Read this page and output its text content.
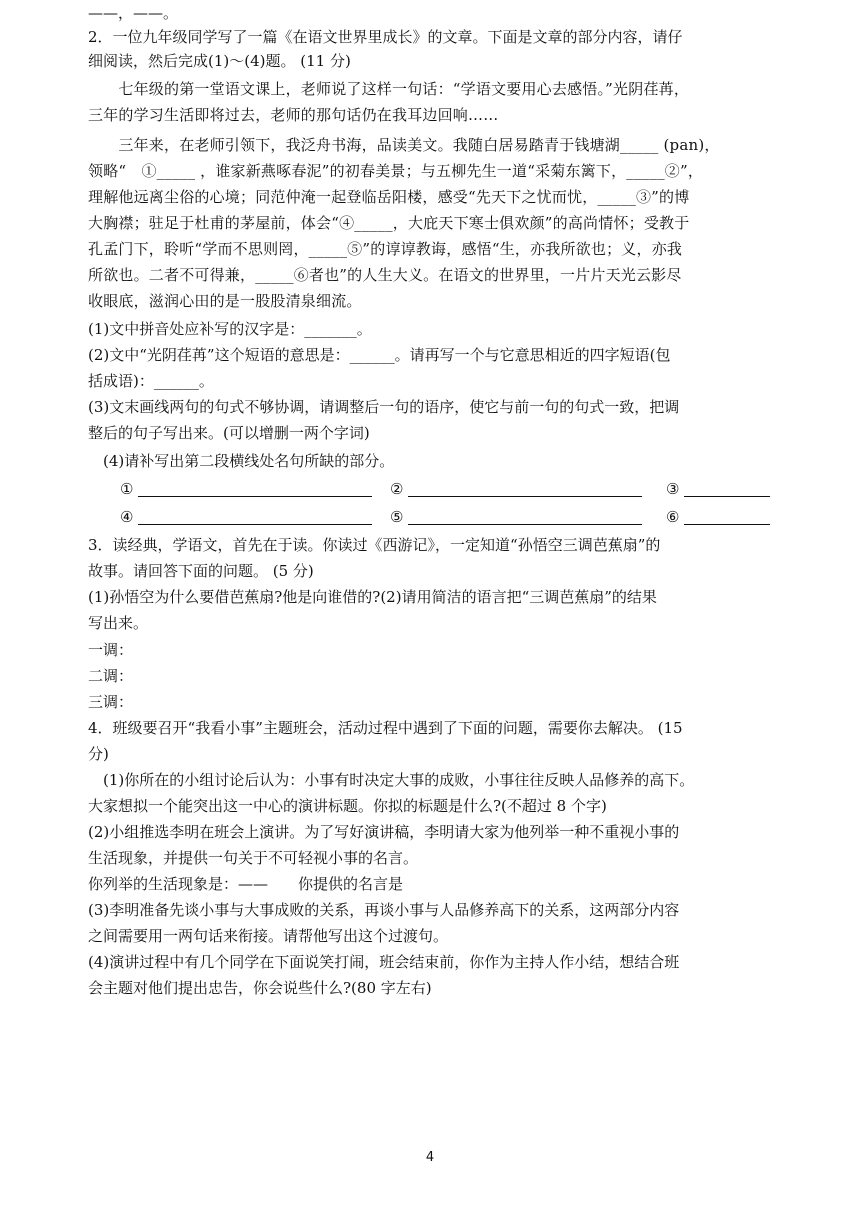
——，——。
2．一位九年级同学写了一篇《在语文世界里成长》的文章。下面是文章的部分内容，请仔
细阅读，然后完成(1)～(4)题。 (11 分)
　　七年级的第一堂语文课上，老师说了这样一句话：“学语文要用心去感悟。”光阴荏苒，
三年的学习生活即将过去，老师的那句话仍在我耳边回响……
　　三年来，在老师引领下，我泛舟书海，品读美文。我随白居易踏青于钱塘湖_____ (pan)，
领略“　①_____ ，谁家新燕啄春泥”的初春美景；与五柳先生一道“采菊东篱下，_____②”，
理解他远离尘俗的心境；同范仲淹一起登临岳阳楼，感受“先天下之忧而忧，_____③”的博
大胸襟；驻足于杜甫的茅屋前，体会“④_____，大庇天下寒士俱欢颜”的高尚情怀；受教于
孔孟门下，聆听“学而不思则罔，_____⑤”的谆谆教诲，感悟“生，亦我所欲也；义，亦我
所欲也。二者不可得兼，_____⑥者也”的人生大义。在语文的世界里，一片片天光云影尽
收眼底，滋润心田的是一股股清泉细流。
(1)文中拼音处应补写的汉字是：_______。
(2)文中“光阴荏苒”这个短语的意思是：______。请再写一个与它意思相近的四字短语(包
括成语)：______。
(3)文末画线两句的句式不够协调，请调整后一句的语序，使它与前一句的句式一致，把调
整后的句子写出来。(可以增删一两个字词)
　(4)请补写出第二段横线处名句所缺的部分。
①	②	③
④	⑤	⑥
3．读经典，学语文，首先在于读。你读过《西游记》，一定知道“孙悟空三调芭蕉扇”的
故事。请回答下面的问题。 (5 分)
(1)孙悟空为什么要借芭蕉扇?他是向谁借的?(2)请用简洁的语言把“三调芭蕉扇”的结果
写出来。
一调：
二调：
三调：
4．班级要召开“我看小事”主题班会，活动过程中遇到了下面的问题，需要你去解决。 (15
分)
　(1)你所在的小组讨论后认为：小事有时决定大事的成败，小事往往反映人品修养的高下。
大家想拟一个能突出这一中心的演讲标题。你拟的标题是什么?(不超过 8 个字)
(2)小组推选李明在班会上演讲。为了写好演讲稿，李明请大家为他列举一种不重视小事的
生活现象，并提供一句关于不可轻视小事的名言。
你列举的生活现象是：——　　你提供的名言是
(3)李明准备先谈小事与大事成败的关系，再谈小事与人品修养高下的关系，这两部分内容
之间需要用一两句话来衔接。请帮他写出这个过渡句。
(4)演讲过程中有几个同学在下面说笑打闹，班会结束前，你作为主持人作小结，想结合班
会主题对他们提出忠告，你会说些什么?(80 字左右)
4
